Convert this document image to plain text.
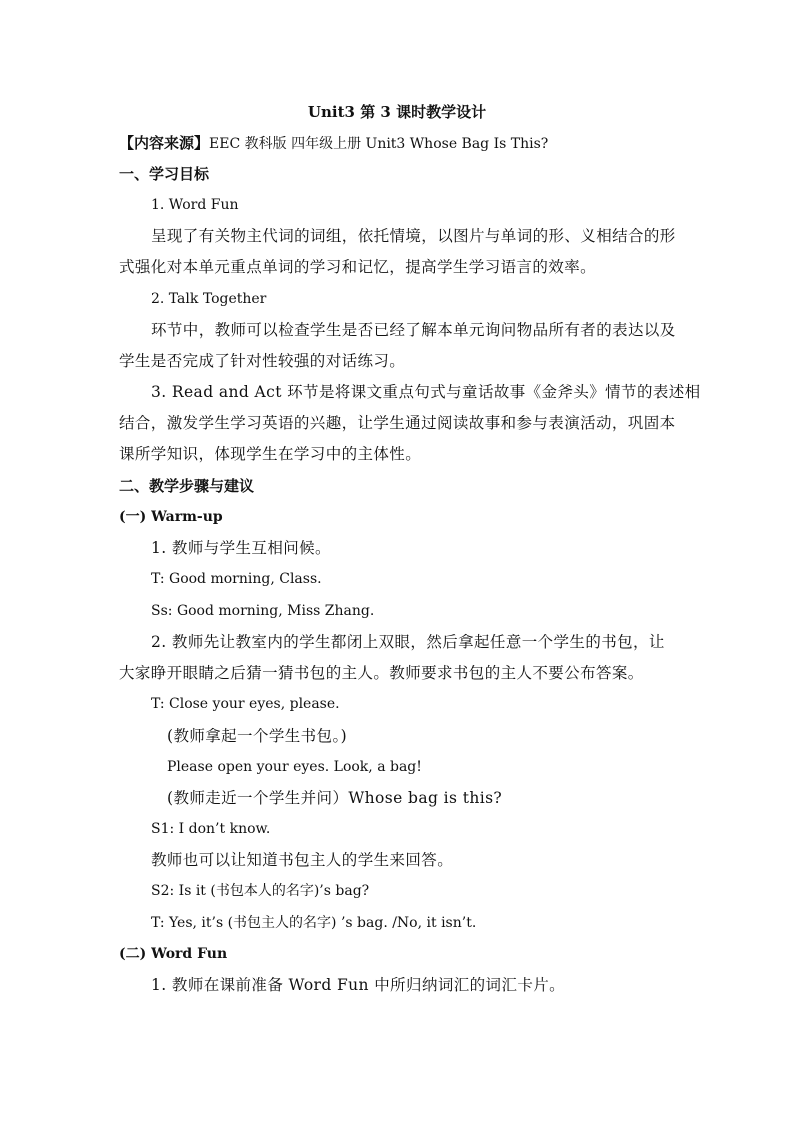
Unit3 第 3 课时教学设计
【内容来源】EEC 教科版 四年级上册 Unit3 Whose Bag Is This?
一、学习目标
1. Word Fun
呈现了有关物主代词的词组，依托情境，以图片与单词的形、义相结合的形
式强化对本单元重点单词的学习和记忆，提高学生学习语言的效率。
2. Talk Together
环节中，教师可以检查学生是否已经了解本单元询问物品所有者的表达以及
学生是否完成了针对性较强的对话练习。
3. Read and Act 环节是将课文重点句式与童话故事《金斧头》情节的表述相
结合，激发学生学习英语的兴趣，让学生通过阅读故事和参与表演活动，巩固本
课所学知识，体现学生在学习中的主体性。
二、教学步骤与建议
(一) Warm-up
1. 教师与学生互相问候。
T: Good morning, Class.
Ss: Good morning, Miss Zhang.
2. 教师先让教室内的学生都闭上双眼，然后拿起任意一个学生的书包，让
大家睁开眼睛之后猜一猜书包的主人。教师要求书包的主人不要公布答案。
T: Close your eyes, please.
(教师拿起一个学生书包。)
Please open your eyes. Look, a bag!
(教师走近一个学生并问）Whose bag is this?
S1: I don’t know.
教师也可以让知道书包主人的学生来回答。
S2: Is it (书包本人的名字)’s bag?
T: Yes, it’s (书包主人的名字) ’s bag. /No, it isn’t.
(二) Word Fun
1. 教师在课前准备 Word Fun 中所归纳词汇的词汇卡片。
